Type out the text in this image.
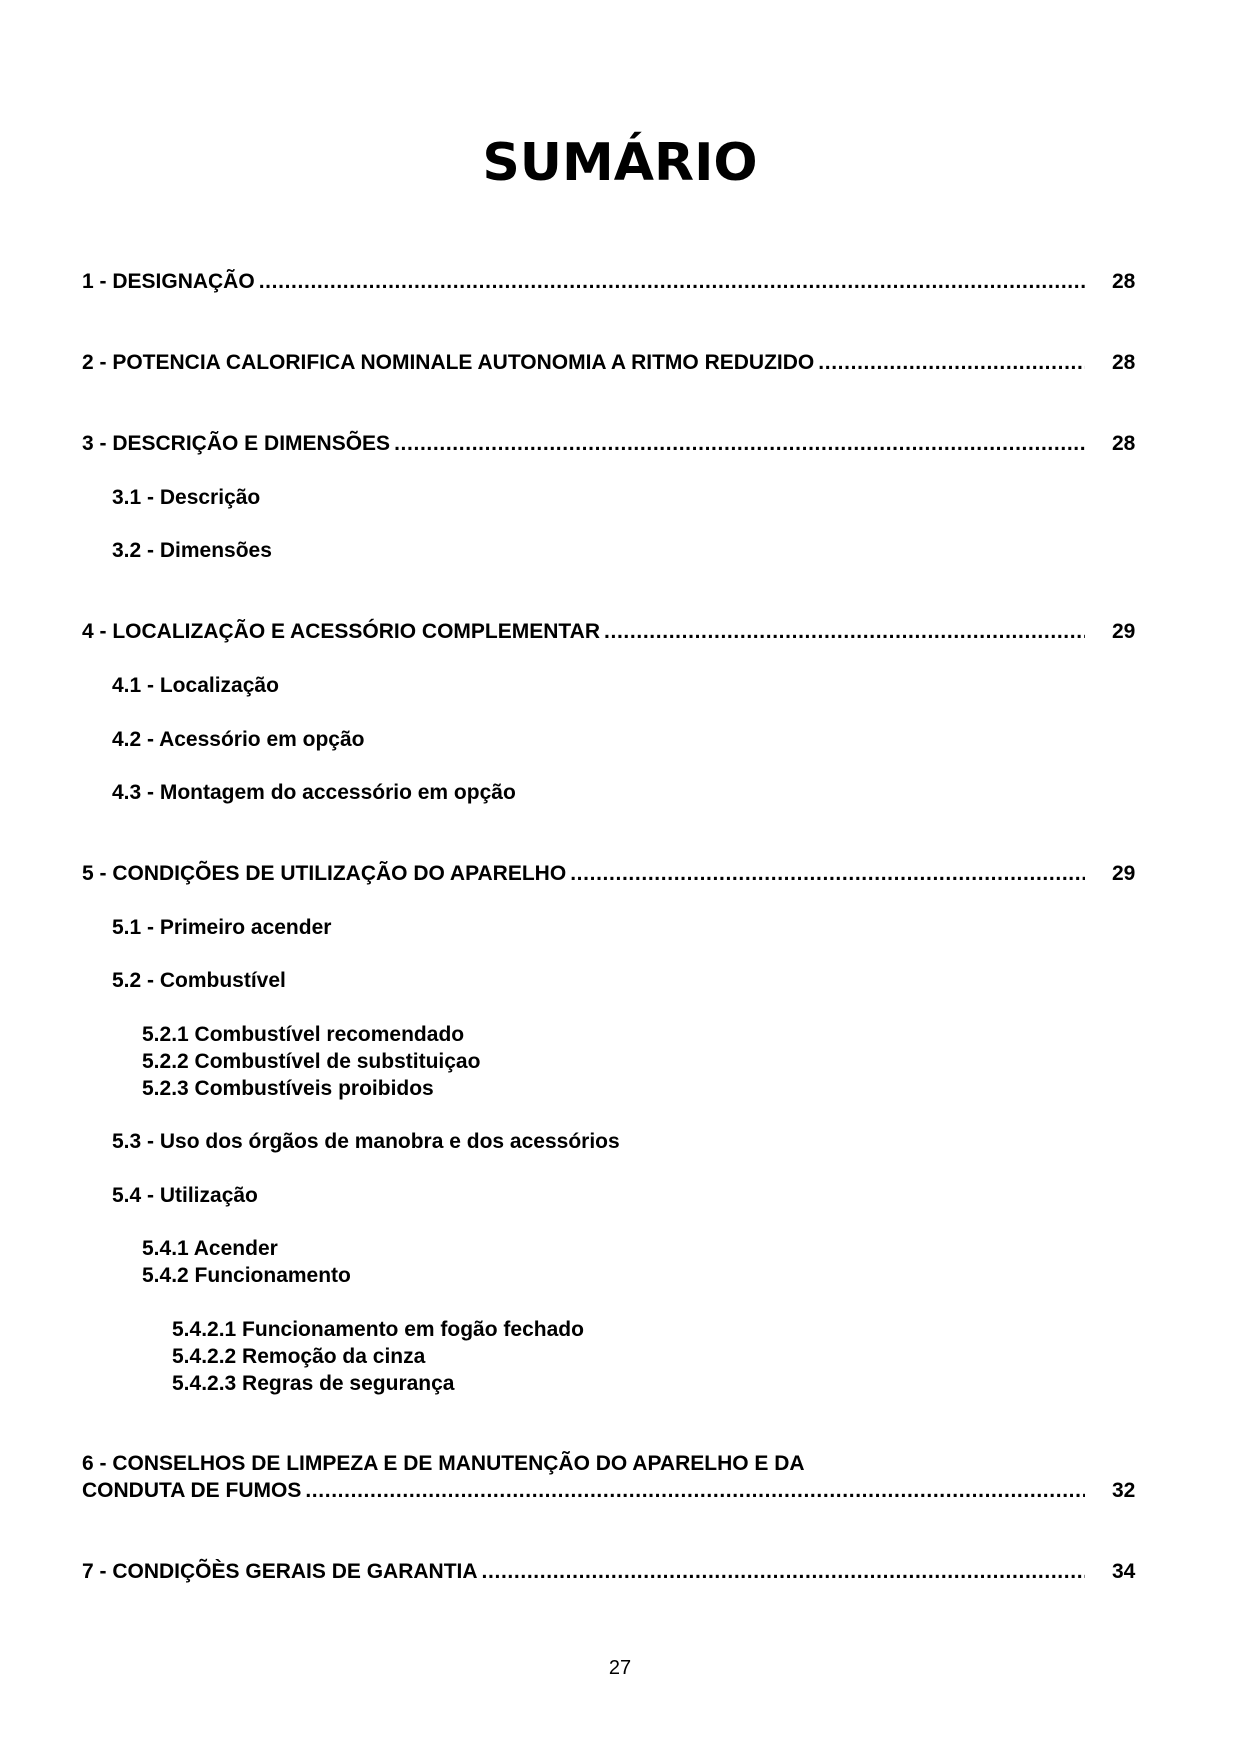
SUMÁRIO
1 - DESIGNAÇÃO . . .	28
2 - POTENCIA CALORIFICA NOMINALE AUTONOMIA A RITMO REDUZIDO . . .	28
3 - DESCRIÇÃO E DIMENSÕES . . .	28
3.1 - Descrição
3.2 - Dimensões
4 - LOCALIZAÇÃO E ACESSÓRIO COMPLEMENTAR . . .	29
4.1 - Localização
4.2 - Acessório em opção
4.3 - Montagem do accessório em opção
5 - CONDIÇÕES DE UTILIZAÇÃO DO APARELHO . . .	29
5.1 - Primeiro acender
5.2 - Combustível
5.2.1 Combustível recomendado
5.2.2 Combustível de substituiçao
5.2.3 Combustíveis proibidos
5.3 - Uso dos órgãos de manobra e dos acessórios
5.4 - Utilização
5.4.1 Acender
5.4.2 Funcionamento
5.4.2.1 Funcionamento em fogão fechado
5.4.2.2 Remoção da cinza
5.4.2.3 Regras de segurança
6 - CONSELHOS DE LIMPEZA E DE MANUTENÇÃO DO APARELHO E DA
CONDUTA DE FUMOS . . .	32
7 - CONDIÇÕÈS GERAIS DE GARANTIA . . .	34
27
